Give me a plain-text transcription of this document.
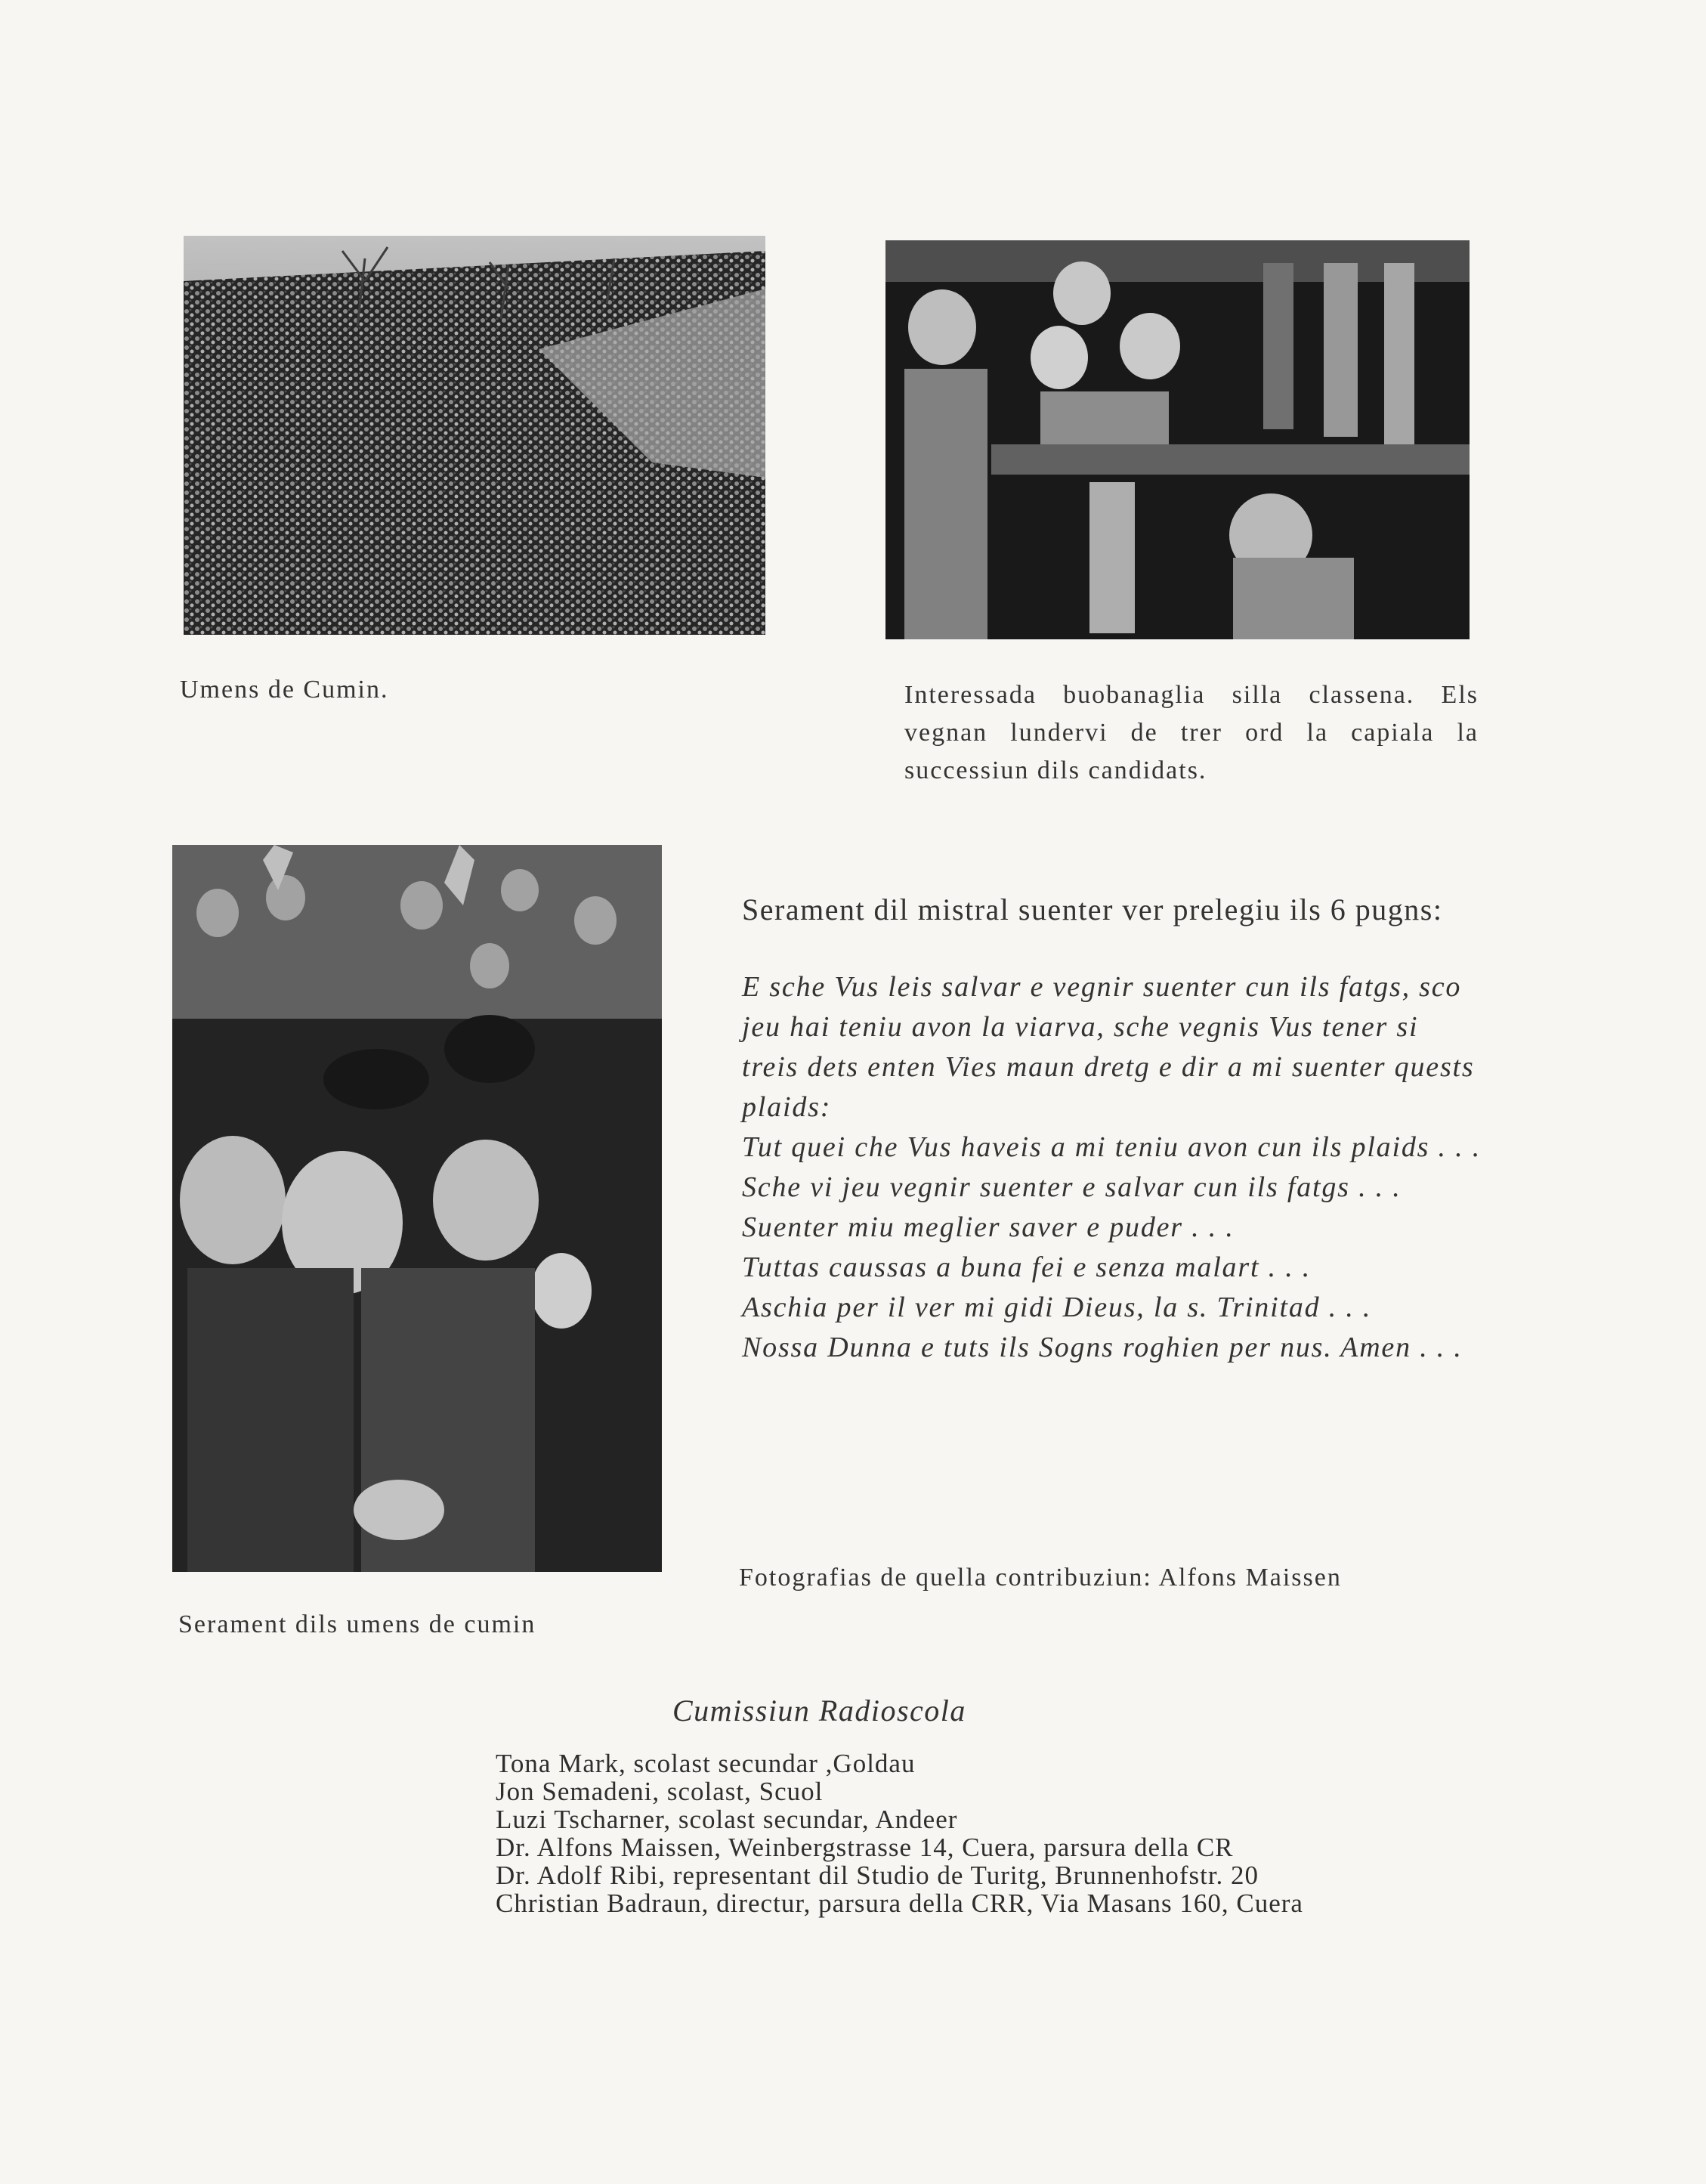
Umens de Cumin.	Interessada buobanaglia silla classena. Els vegnan lundervi de trer ord la capiala la successiun dils candidats.
Serament dils umens de cumin
Serament dil mistral suenter ver prelegiu ils 6 pugns:
E sche Vus leis salvar e vegnir suenter cun ils fatgs, sco
jeu hai teniu avon la viarva, sche vegnis Vus tener si
treis dets enten Vies maun dretg e dir a mi suenter quests
plaids:
Tut quei che Vus haveis a mi teniu avon cun ils plaids . . .
Sche vi jeu vegnir suenter e salvar cun ils fatgs . . .
Suenter miu meglier saver e puder . . .
Tuttas caussas a buna fei e senza malart . . .
Aschia per il ver mi gidi Dieus, la s. Trinitad . . .
Nossa Dunna e tuts ils Sogns roghien per nus. Amen . . .
Fotografias de quella contribuziun: Alfons Maissen
Cumissiun Radioscola
Tona Mark, scolast secundar ,Goldau
Jon Semadeni, scolast, Scuol
Luzi Tscharner, scolast secundar, Andeer
Dr. Alfons Maissen, Weinbergstrasse 14, Cuera, parsura della CR
Dr. Adolf Ribi, representant dil Studio de Turitg, Brunnenhofstr. 20
Christian Badraun, directur, parsura della CRR, Via Masans 160, Cuera
